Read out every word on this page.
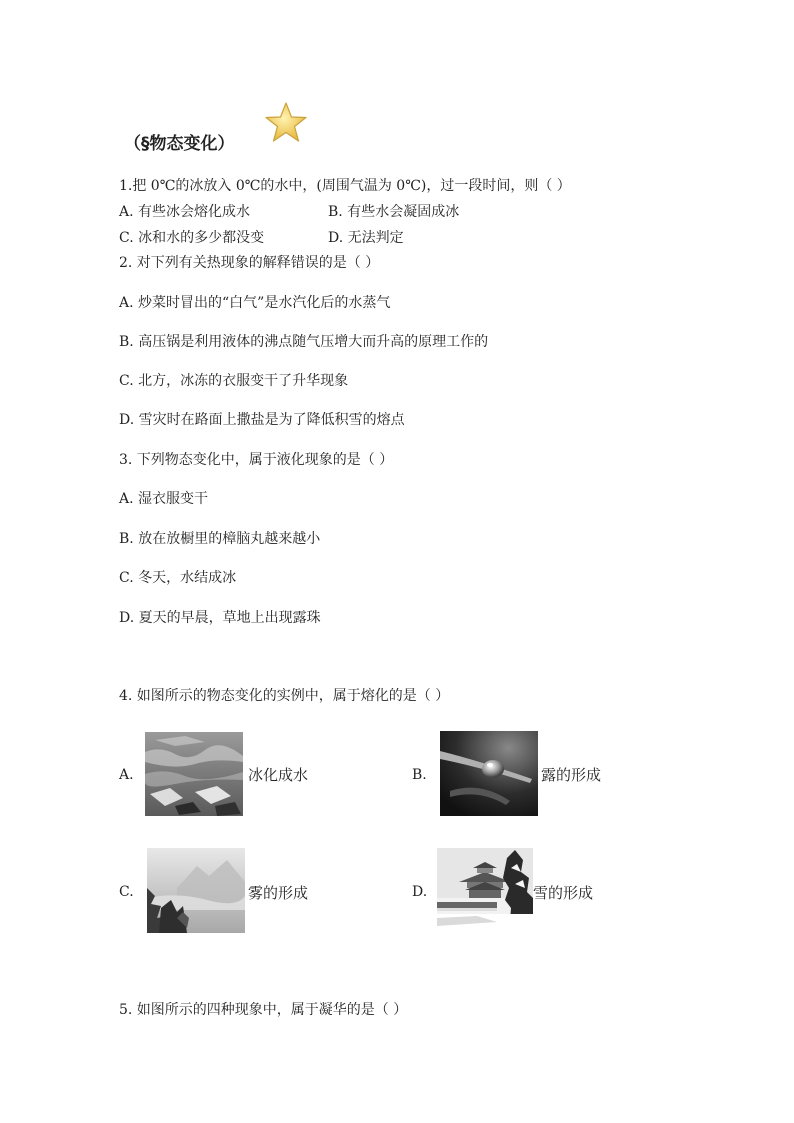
（§物态变化）
1.把 0℃的冰放入 0℃的水中，(周围气温为 0℃)，过一段时间，则（ ）
A. 有些冰会熔化成水	B. 有些水会凝固成冰
C. 冰和水的多少都没变	D. 无法判定
2. 对下列有关热现象的解释错误的是（ ）
A. 炒菜时冒出的“白气”是水汽化后的水蒸气
B. 高压锅是利用液体的沸点随气压增大而升高的原理工作的
C. 北方，冰冻的衣服变干了升华现象
D. 雪灾时在路面上撒盐是为了降低积雪的熔点
3. 下列物态变化中，属于液化现象的是（ ）
A. 湿衣服变干
B. 放在放橱里的樟脑丸越来越小
C. 冬天，水结成冰
D. 夏天的早晨，草地上出现露珠
4. 如图所示的物态变化的实例中，属于熔化的是（ ）
A.	冰化成水	B.	露的形成
C.	雾的形成	D.	雪的形成
5. 如图所示的四种现象中，属于凝华的是（ ）
